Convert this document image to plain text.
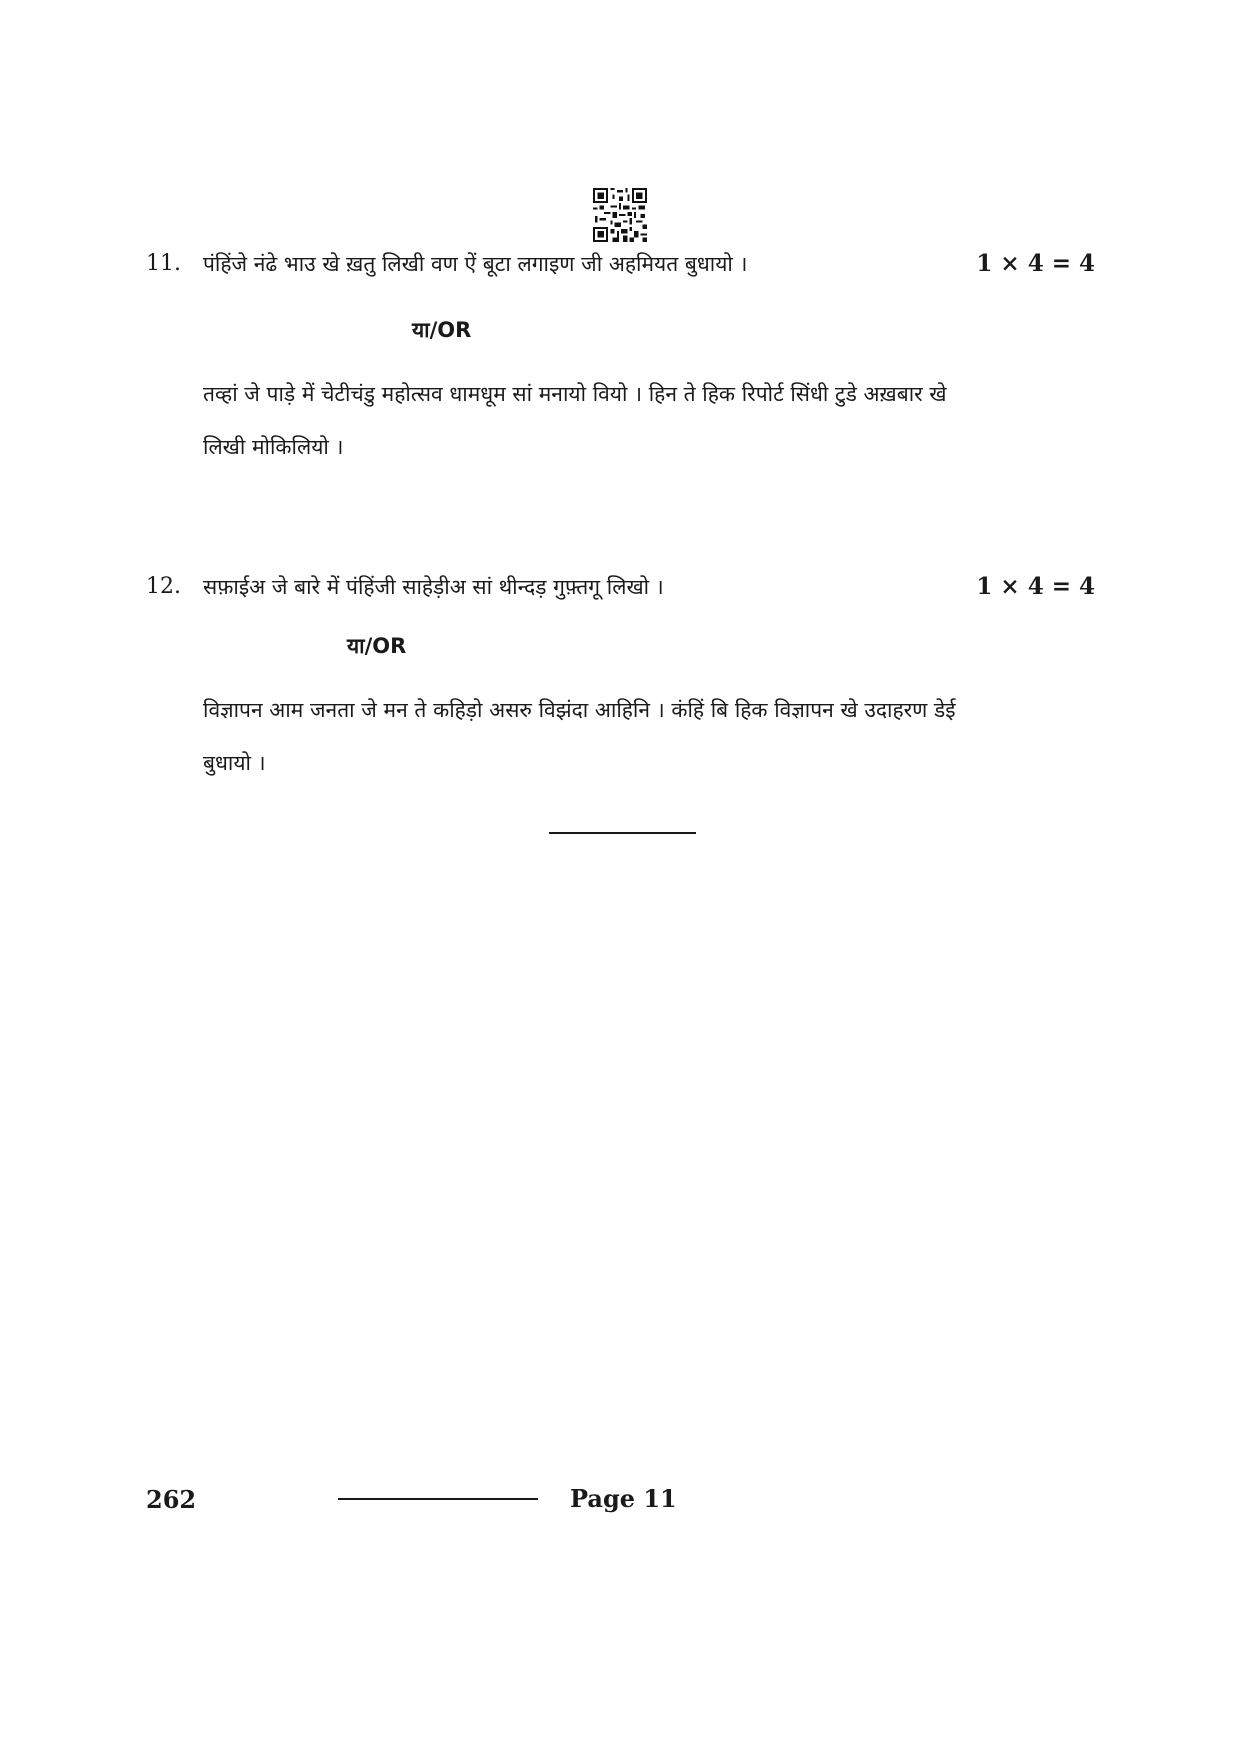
11. पंहिंजे नंढे भाउ खे ख़तु लिखी वण ऐं बूटा लगाइण जी अहमियत बुधायो ।	1 × 4 = 4
या/OR
तव्हां जे पाड़े में चेटीचंडु महोत्सव धामधूम सां मनायो वियो । हिन ते हिक रिपोर्ट सिंधी टुडे अख़बार खे
लिखी मोकिलियो ।
12. सफ़ाईअ जे बारे में पंहिंजी साहेड़ीअ सां थीन्दड़ गुफ़्तगू लिखो ।	1 × 4 = 4
या/OR
विज्ञापन आम जनता जे मन ते कहिड़ो असरु विझंदा आहिनि । कंहिं बि हिक विज्ञापन खे उदाहरण डेई
बुधायो ।
262	Page 11
